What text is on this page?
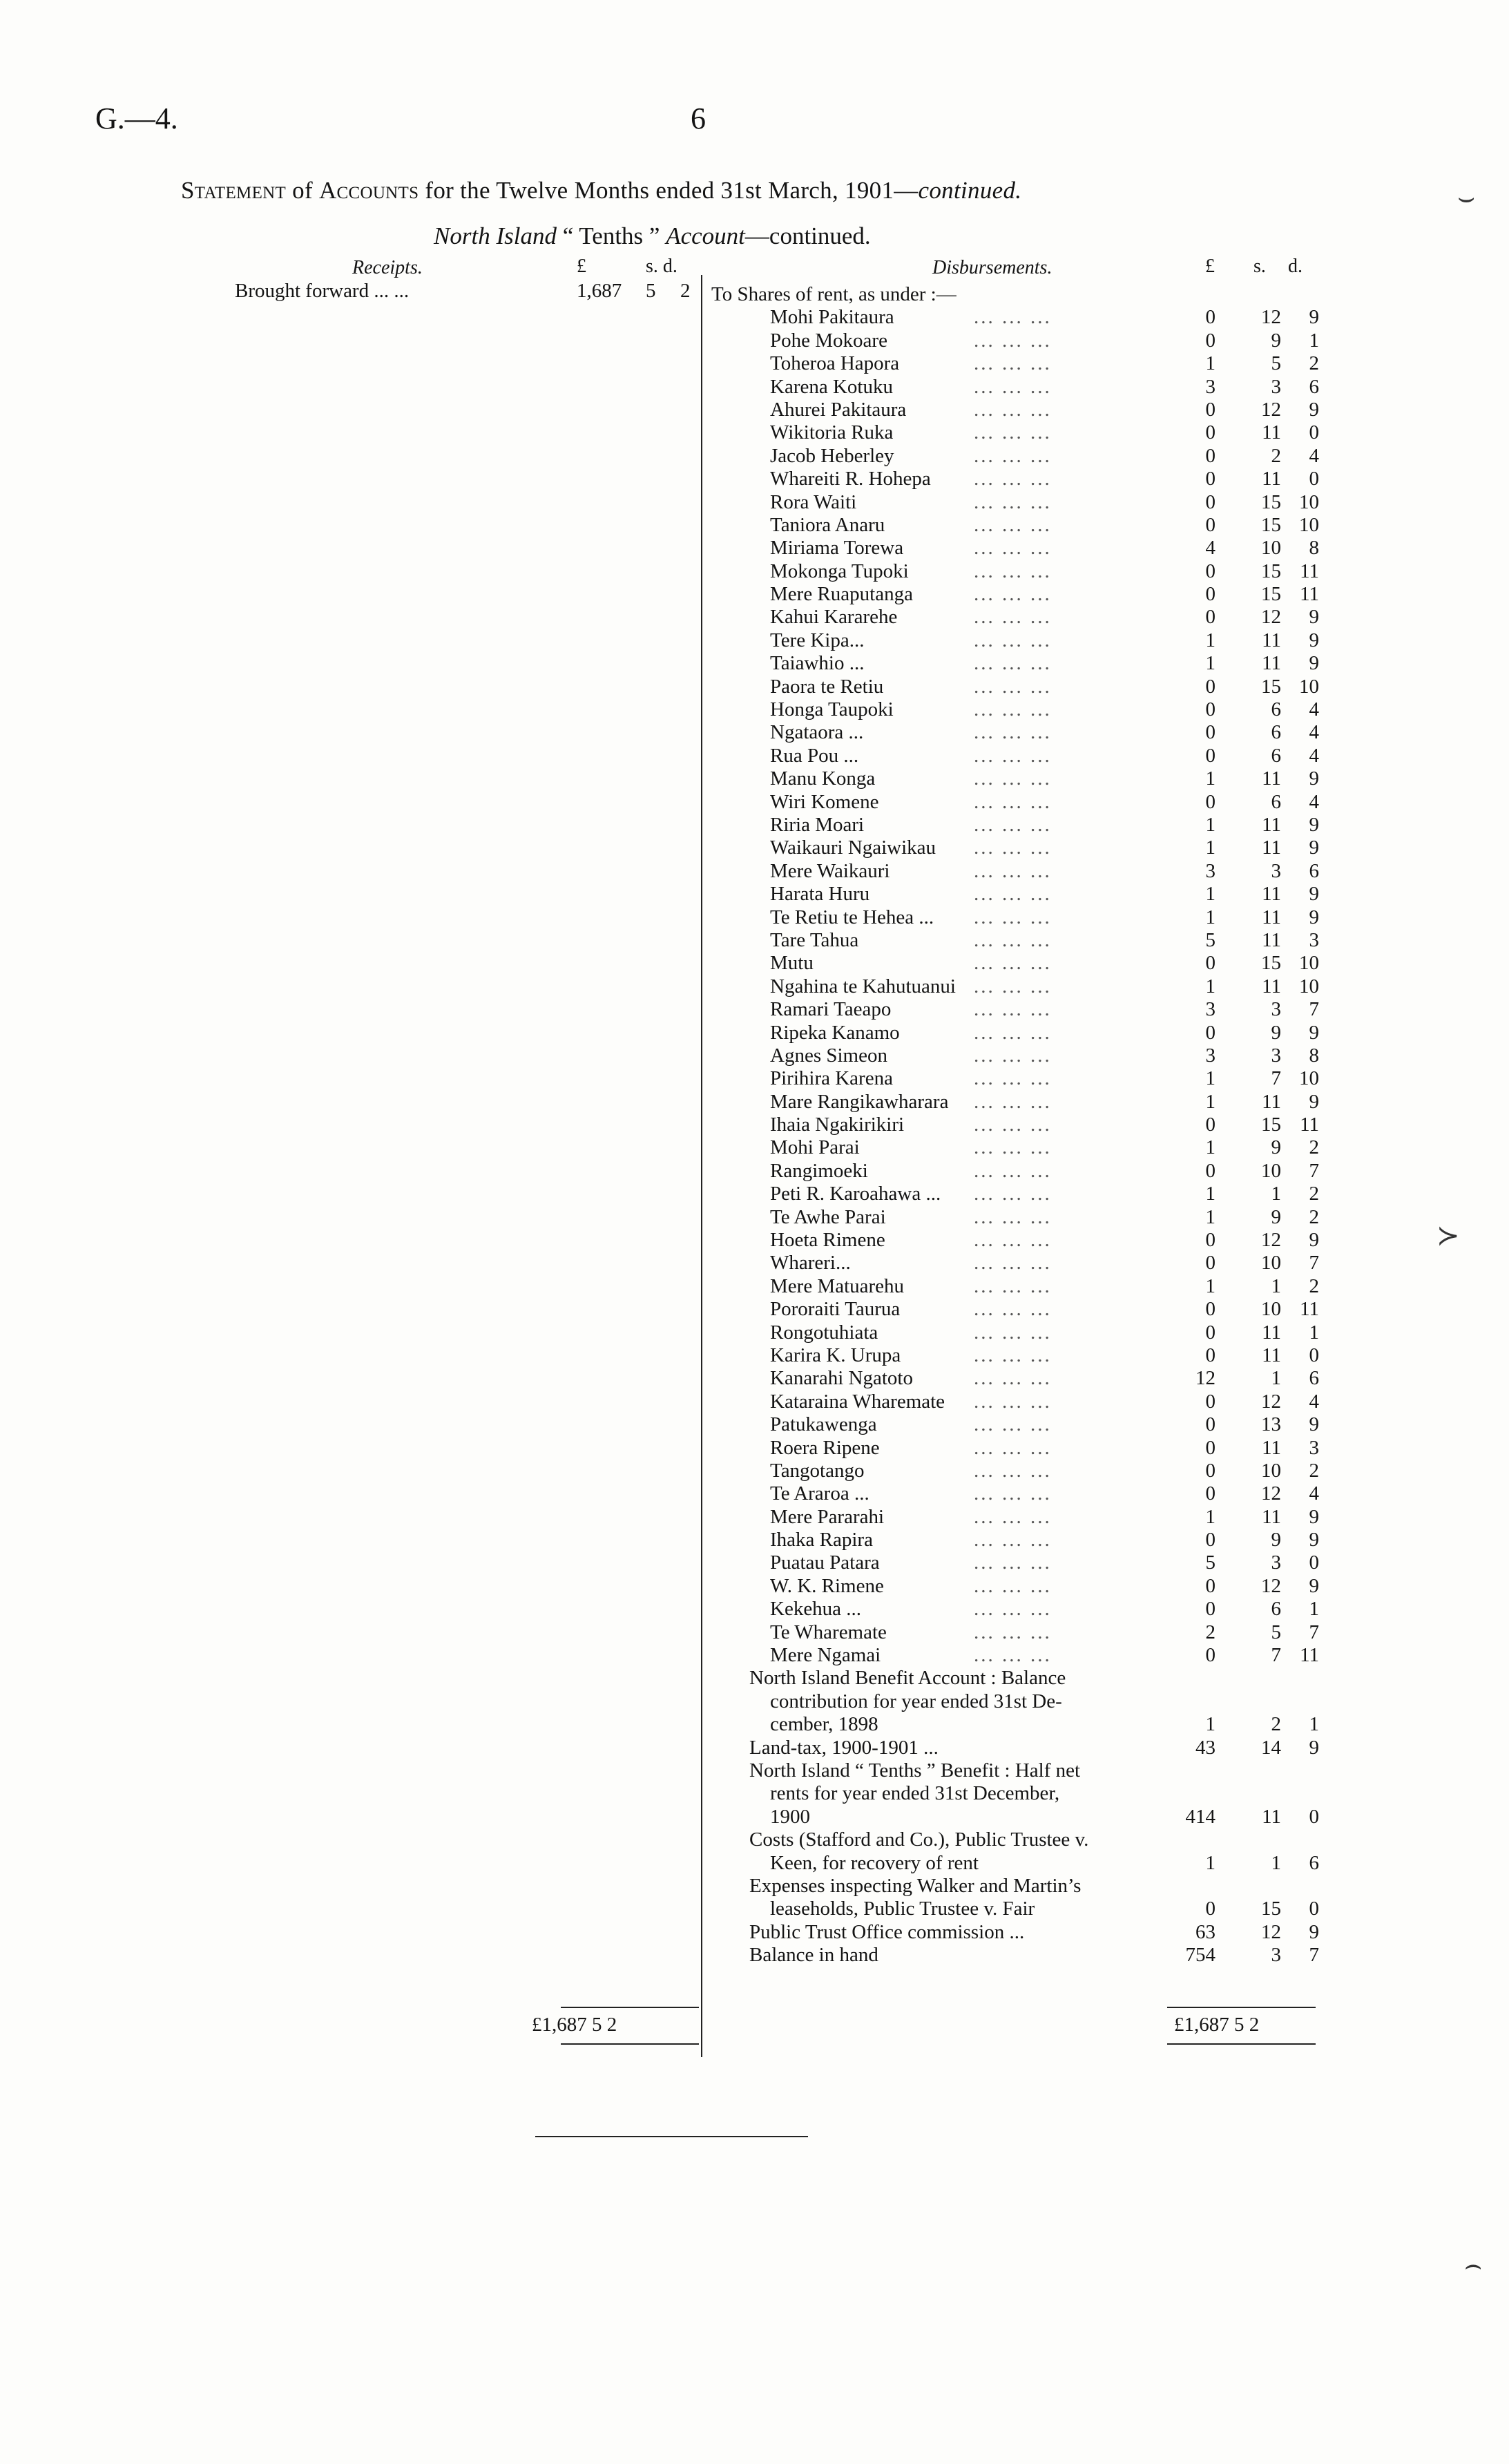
G.—4.	6
Statement of Accounts for the Twelve Months ended 31st March, 1901—continued.
North Island “ Tenths ” Account—continued.
Receipts.	£	s. d.
Brought forward ... ...	1,687 5 2
£1,687 5 2
Disbursements.	£ s. d.
To Shares of rent, as under :—
Mohi Pakitaura	... ... ...	0	12	9
Pohe Mokoare	... ... ...	0	9	1
Toheroa Hapora	... ... ...	1	5	2
Karena Kotuku	... ... ...	3	3	6
Ahurei Pakitaura	... ... ...	0	12	9
Wikitoria Ruka	... ... ...	0	11	0
Jacob Heberley	... ... ...	0	2	4
Whareiti R. Hohepa ... ... ...	0	11	0
Rora Waiti	... ... ...	0	15 10
Taniora Anaru	... ... ...	0	15 10
Miriama Torewa	... ... ...	4	10	8
Mokonga Tupoki	... ... ...	0	15 11
Mere Ruaputanga	... ... ...	0	15 11
Kahui Kararehe	... ... ...	0	12	9
Tere Kipa...	... ... ...	1	11	9
Taiawhio ...	... ... ...	1	11	9
Paora te Retiu	... ... ...	0	15 10
Honga Taupoki	... ... ...	0	6	4
Ngataora ...	... ... ...	0	6	4
Rua Pou ...	... ... ...	0	6	4
Manu Konga	... ... ...	1	11	9
Wiri Komene	... ... ...	0	6	4
Riria Moari	... ... ...	1	11	9
Waikauri Ngaiwikau ... ... ...	1	11	9
Mere Waikauri	... ... ...	3	3	6
Harata Huru	... ... ...	1	11	9
Te Retiu te Hehea ... ... ... ...	1	11	9
Tare Tahua	... ... ...	5	11	3
Mutu	... ... ...	0	15 10
Ngahina te Kahutuanui ... ... ...	1	11 10
Ramari Taeapo	... ... ...	3	3	7
Ripeka Kanamo	... ... ...	0	9	9
Agnes Simeon	... ... ...	3	3	8
Pirihira Karena	... ... ...	1	7 10
Mare Rangikawharara ... ... ...	1	11	9
Ihaia Ngakirikiri	... ... ...	0	15 11
Mohi Parai	... ... ...	1	9	2
Rangimoeki	... ... ...	0	10	7
Peti R. Karoahawa ... ... ... ...	1	1	2
Te Awhe Parai	... ... ...	1	9	2
Hoeta Rimene	... ... ...	0	12	9
Whareri...	... ... ...	0	10	7
Mere Matuarehu	... ... ...	1	1	2
Pororaiti Taurua	... ... ...	0	10 11
Rongotuhiata	... ... ...	0	11	1
Karira K. Urupa	... ... ...	0	11	0
Kanarahi Ngatoto	... ... ...	12	1	6
Kataraina Wharemate ... ... ...	0	12	4
Patukawenga	... ... ...	0	13	9
Roera Ripene	... ... ...	0	11	3
Tangotango	... ... ...	0	10	2
Te Araroa ...	... ... ...	0	12	4
Mere Pararahi	... ... ...	1	11	9
Ihaka Rapira	... ... ...	0	9	9
Puatau Patara	... ... ...	5	3	0
W. K. Rimene	... ... ...	0	12	9
Kekehua ...	... ... ...	0	6	1
Te Wharemate	... ... ...	2	5	7
Mere Ngamai	... ... ...	0	7 11
North Island Benefit Account : Balance
contribution for year ended 31st De-
cember, 1898	1	2	1
Land-tax, 1900-1901 ...	43	14	9
North Island “ Tenths ” Benefit : Half net
rents for year ended 31st December,
1900	414	11	0
Costs (Stafford and Co.), Public Trustee v.
Keen, for recovery of rent	1	1	6
Expenses inspecting Walker and Martin’s
leaseholds, Public Trustee v. Fair	0	15	0
Public Trust Office commission ...	63	12	9
Balance in hand	754	3	7
£1,687 5 2
⌣
≻
⌢
